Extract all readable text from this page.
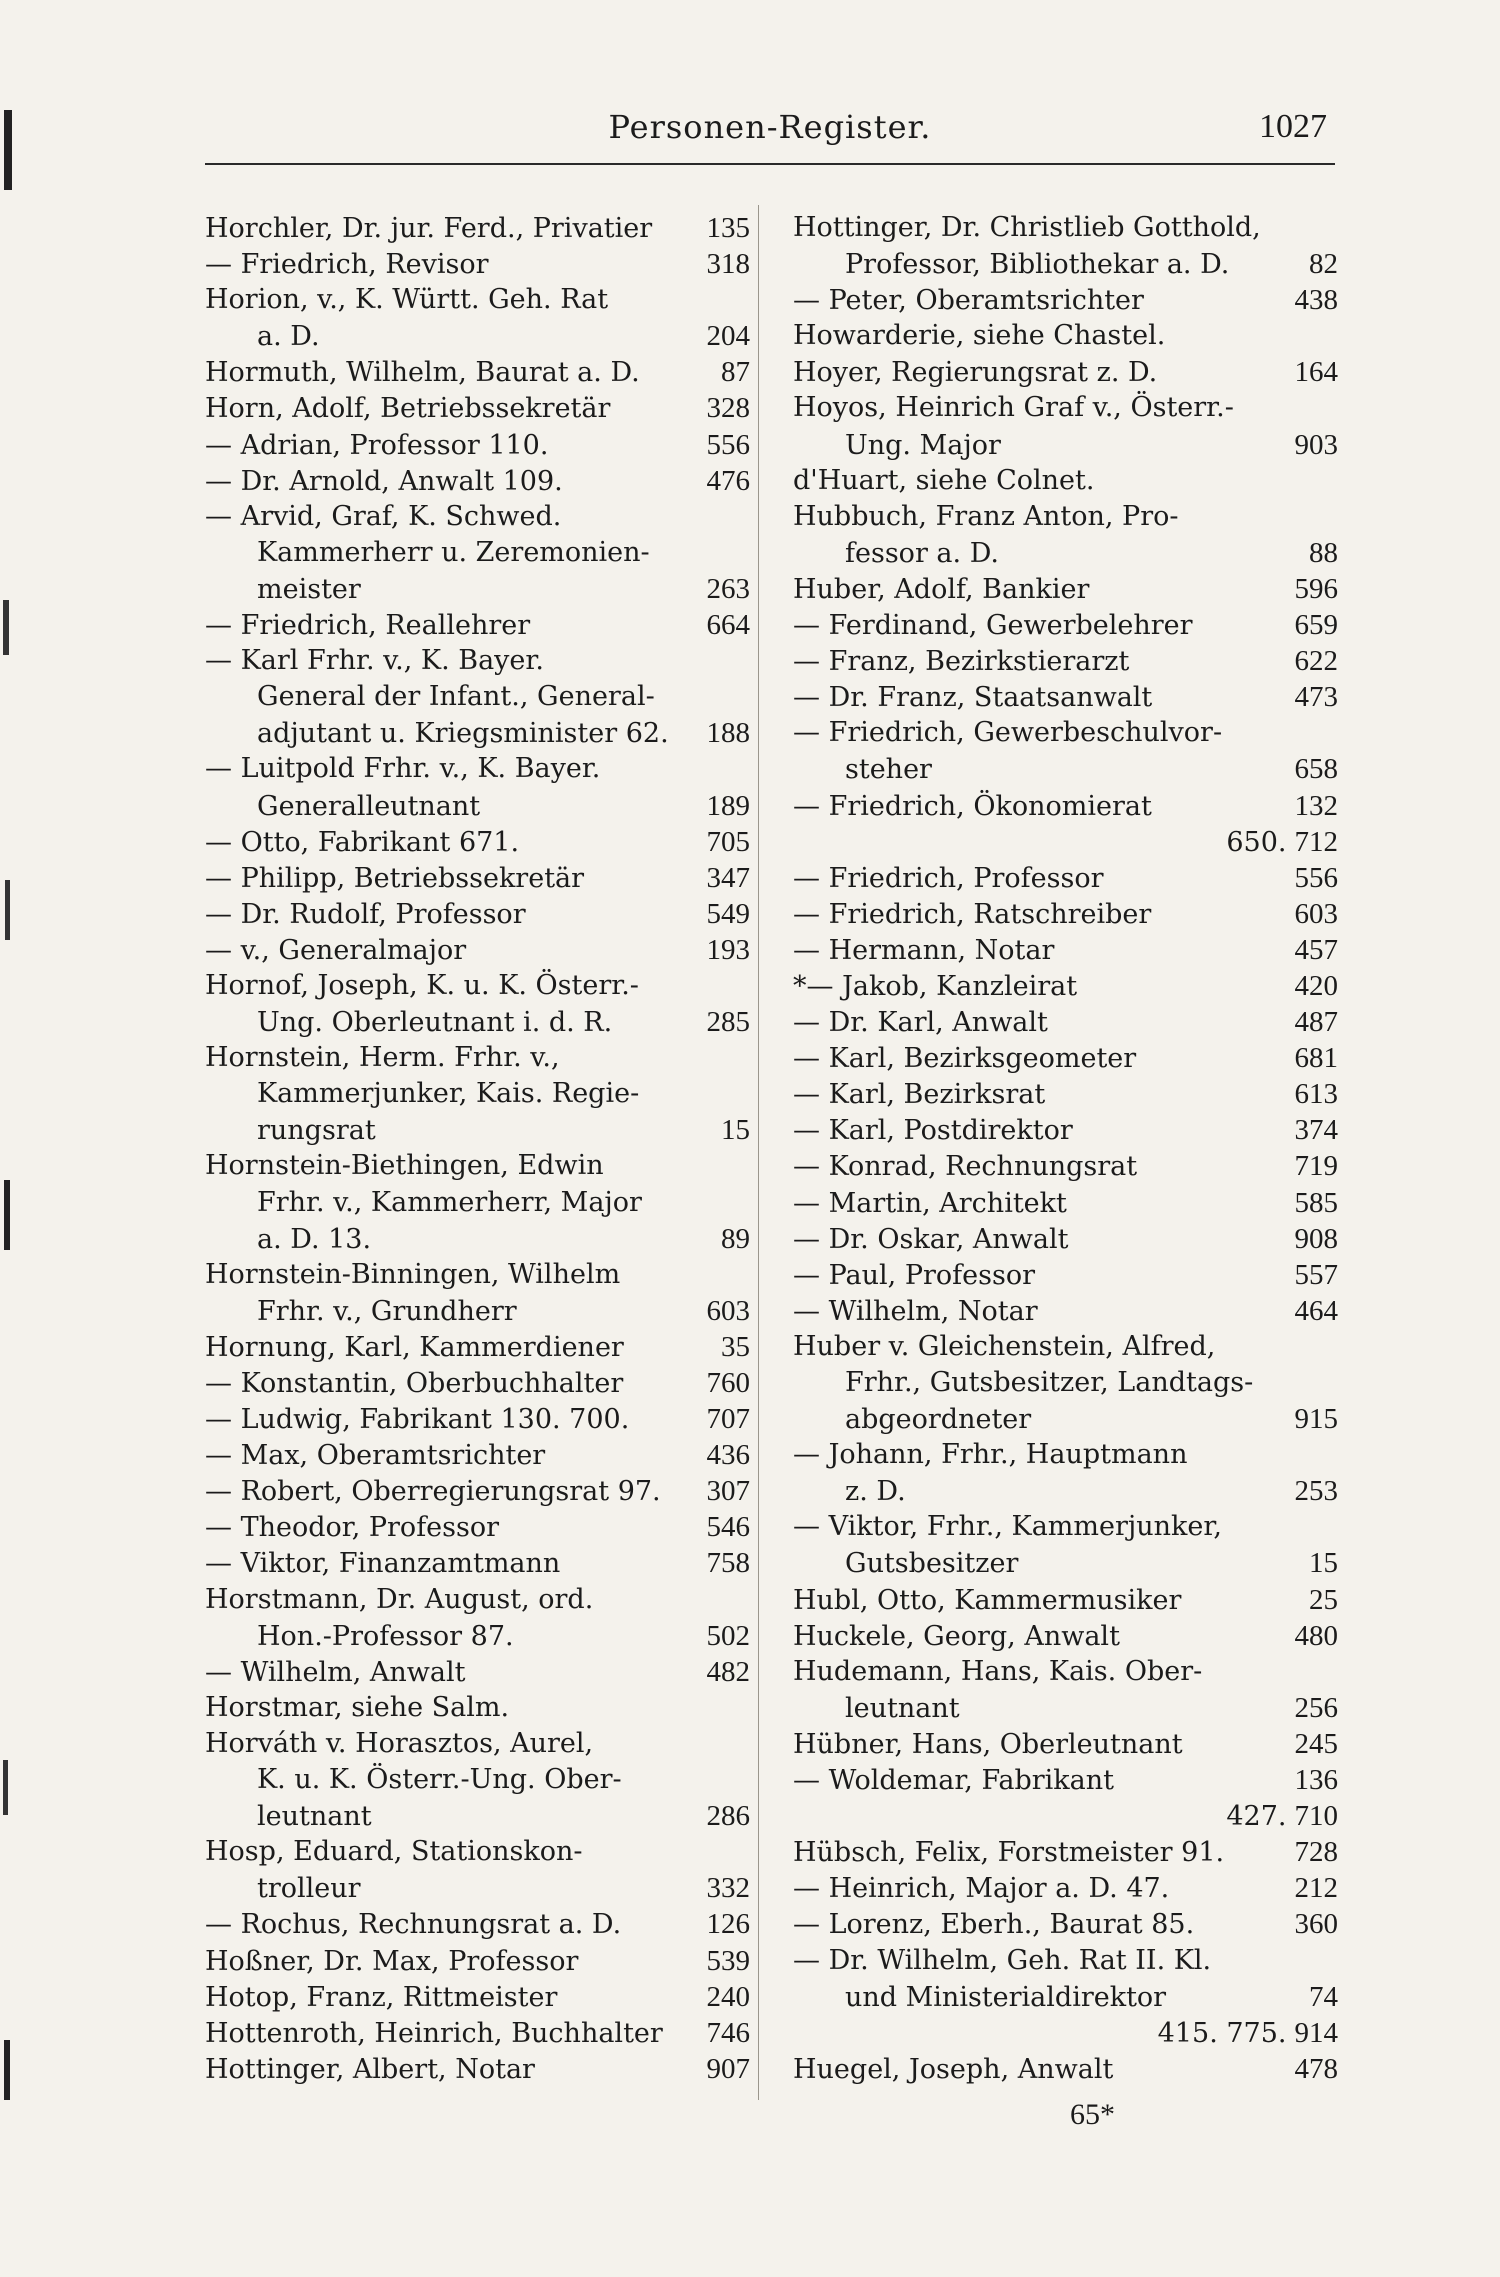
Personen-Register.	1027
Horchler, Dr. jur. Ferd., Privatier	135
— Friedrich, Revisor	318
Horion, v., K. Württ. Geh. Rat
a. D.	204
Hormuth, Wilhelm, Baurat a. D.	87
Horn, Adolf, Betriebssekretär	328
— Adrian, Professor 110.	556
— Dr. Arnold, Anwalt 109.	476
— Arvid, Graf, K. Schwed.
Kammerherr u. Zeremonien-
meister	263
— Friedrich, Reallehrer	664
— Karl Frhr. v., K. Bayer.
General der Infant., General-
adjutant u. Kriegsminister 62.	188
— Luitpold Frhr. v., K. Bayer.
Generalleutnant	189
— Otto, Fabrikant 671.	705
— Philipp, Betriebssekretär	347
— Dr. Rudolf, Professor	549
— v., Generalmajor	193
Hornof, Joseph, K. u. K. Österr.-
Ung. Oberleutnant i. d. R.	285
Hornstein, Herm. Frhr. v.,
Kammerjunker, Kais. Regie-
rungsrat	15
Hornstein-Biethingen, Edwin
Frhr. v., Kammerherr, Major
a. D. 13.	89
Hornstein-Binningen, Wilhelm
Frhr. v., Grundherr	603
Hornung, Karl, Kammerdiener	35
— Konstantin, Oberbuchhalter	760
— Ludwig, Fabrikant 130. 700.	707
— Max, Oberamtsrichter	436
— Robert, Oberregierungsrat 97.	307
— Theodor, Professor	546
— Viktor, Finanzamtmann	758
Horstmann, Dr. August, ord.
Hon.-Professor 87.	502
— Wilhelm, Anwalt	482
Horstmar, siehe Salm.
Horváth v. Horasztos, Aurel,
K. u. K. Österr.-Ung. Ober-
leutnant	286
Hosp, Eduard, Stationskon-
trolleur	332
— Rochus, Rechnungsrat a. D.	126
Hoßner, Dr. Max, Professor	539
Hotop, Franz, Rittmeister	240
Hottenroth, Heinrich, Buchhalter	746
Hottinger, Albert, Notar	907
Hottinger, Dr. Christlieb Gotthold,
Professor, Bibliothekar a. D.	82
— Peter, Oberamtsrichter	438
Howarderie, siehe Chastel.
Hoyer, Regierungsrat z. D.	164
Hoyos, Heinrich Graf v., Österr.-
Ung. Major	903
d'Huart, siehe Colnet.
Hubbuch, Franz Anton, Pro-
fessor a. D.	88
Huber, Adolf, Bankier	596
— Ferdinand, Gewerbelehrer	659
— Franz, Bezirkstierarzt	622
— Dr. Franz, Staatsanwalt	473
— Friedrich, Gewerbeschulvor-
steher	658
— Friedrich, Ökonomierat	132
650. 712
— Friedrich, Professor	556
— Friedrich, Ratschreiber	603
— Hermann, Notar	457
*— Jakob, Kanzleirat	420
— Dr. Karl, Anwalt	487
— Karl, Bezirksgeometer	681
— Karl, Bezirksrat	613
— Karl, Postdirektor	374
— Konrad, Rechnungsrat	719
— Martin, Architekt	585
— Dr. Oskar, Anwalt	908
— Paul, Professor	557
— Wilhelm, Notar	464
Huber v. Gleichenstein, Alfred,
Frhr., Gutsbesitzer, Landtags-
abgeordneter	915
— Johann, Frhr., Hauptmann
z. D.	253
— Viktor, Frhr., Kammerjunker,
Gutsbesitzer	15
Hubl, Otto, Kammermusiker	25
Huckele, Georg, Anwalt	480
Hudemann, Hans, Kais. Ober-
leutnant	256
Hübner, Hans, Oberleutnant	245
— Woldemar, Fabrikant	136
427. 710
Hübsch, Felix, Forstmeister 91.	728
— Heinrich, Major a. D. 47.	212
— Lorenz, Eberh., Baurat 85.	360
— Dr. Wilhelm, Geh. Rat II. Kl.
und Ministerialdirektor	74
415. 775. 914
Huegel, Joseph, Anwalt	478
65*
